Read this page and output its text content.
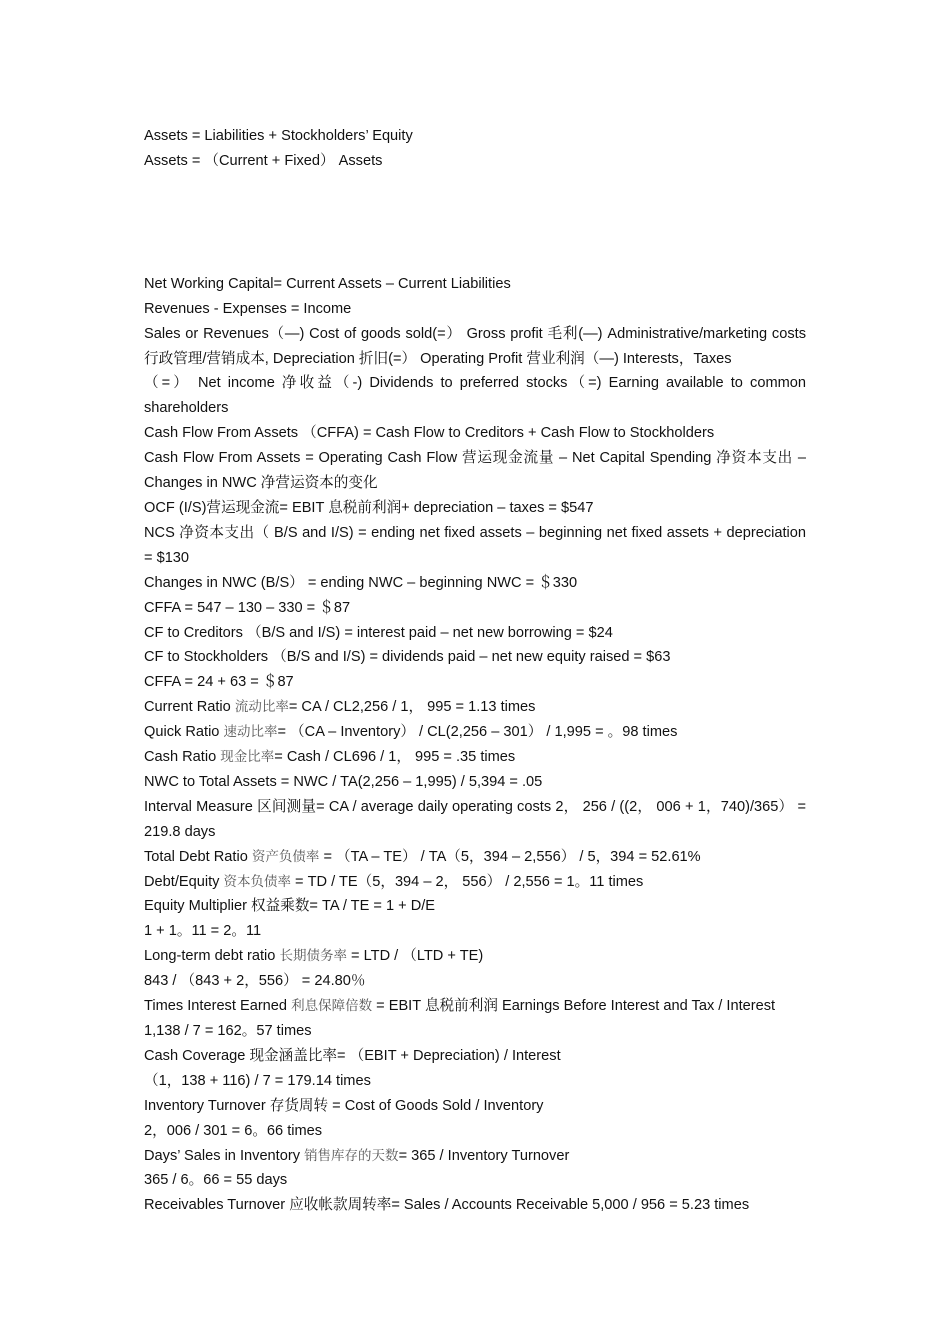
Assets = Liabilities + Stockholders’ Equity

Assets = （Current + Fixed） Assets

Net Working Capital= Current Assets – Current Liabilities

Revenues - Expenses = Income

Sales or Revenues（—) Cost of goods sold(=） Gross profit 毛利(—) Administrative/marketing costs 行政管理/营销成本, Depreciation 折旧(=） Operating Profit 营业利润（—) Interests，Taxes

（=） Net income 净收益（-) Dividends to preferred stocks（=) Earning available to common shareholders

Cash Flow From Assets （CFFA) = Cash Flow to Creditors + Cash Flow to Stockholders

Cash Flow From Assets = Operating Cash Flow 营运现金流量 – Net Capital Spending 净资本支出 – Changes in NWC 净营运资本的变化

OCF (I/S)营运现金流= EBIT 息税前利润+ depreciation – taxes = $547

NCS 净资本支出（ B/S and I/S) = ending net fixed assets – beginning net fixed assets + depreciation = $130

Changes in NWC (B/S） = ending NWC – beginning NWC = ＄330

CFFA = 547 – 130 – 330 = ＄87

CF to Creditors （B/S and I/S) = interest paid – net new borrowing = $24

CF to Stockholders （B/S and I/S) = dividends paid – net new equity raised = $63

CFFA = 24 + 63 = ＄87

Current Ratio 流动比率= CA / CL2,256 / 1， 995 = 1.13 times

Quick Ratio 速动比率= （CA – Inventory） / CL(2,256 – 301） / 1,995 = 。98 times

Cash Ratio 现金比率= Cash / CL696 / 1， 995 = .35 times

NWC to Total Assets = NWC / TA(2,256 – 1,995) / 5,394 = .05

Interval Measure 区间测量= CA / average daily operating costs 2， 256 / ((2， 006 + 1，740)/365） = 219.8 days

Total Debt Ratio 资产负债率 = （TA – TE） / TA（5，394 – 2,556） / 5，394 = 52.61%

Debt/Equity 资本负债率 = TD / TE（5，394 – 2， 556） / 2,556 = 1。11 times

Equity Multiplier 权益乘数= TA / TE = 1 + D/E

1 + 1。11 = 2。11

Long-term debt ratio 长期债务率 = LTD / （LTD + TE)

843 / （843 + 2，556） = 24.80％

Times Interest Earned 利息保障倍数 = EBIT 息税前利润 Earnings Before Interest and Tax / Interest

1,138 / 7 = 162。57 times

Cash Coverage 现金涵盖比率= （EBIT + Depreciation) / Interest

（1，138 + 116) / 7 = 179.14 times

Inventory Turnover 存货周转 = Cost of Goods Sold / Inventory

2，006 / 301 = 6。66 times

Days’ Sales in Inventory 销售库存的天数= 365 / Inventory Turnover

365 / 6。66 = 55 days

Receivables Turnover 应收帐款周转率= Sales / Accounts Receivable 5,000 / 956 = 5.23 times
